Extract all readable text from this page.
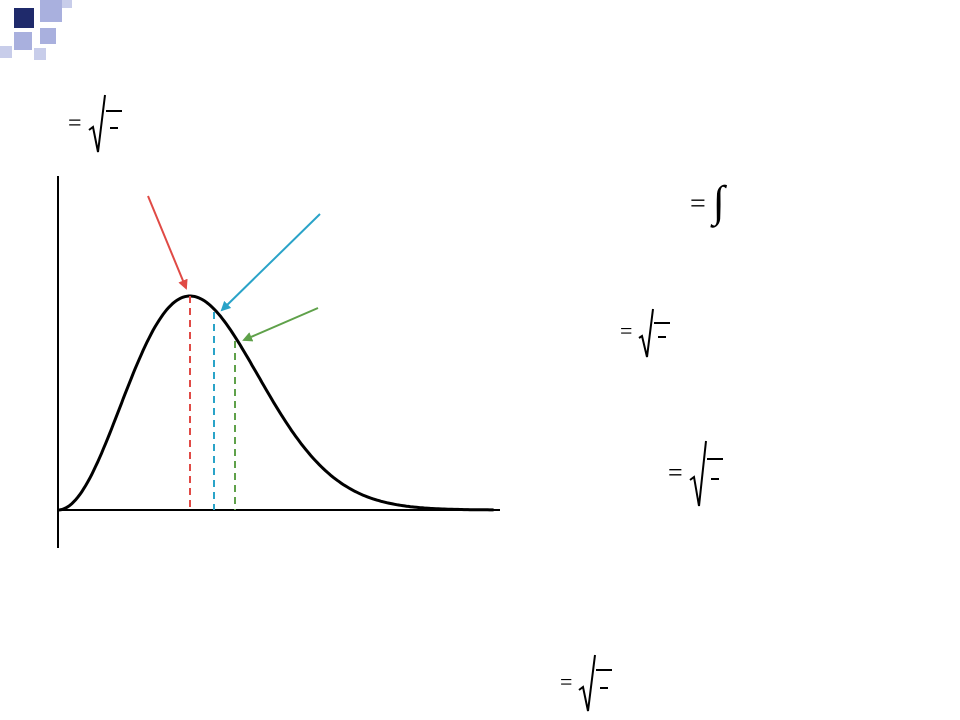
=
= ∫
=
=
=
